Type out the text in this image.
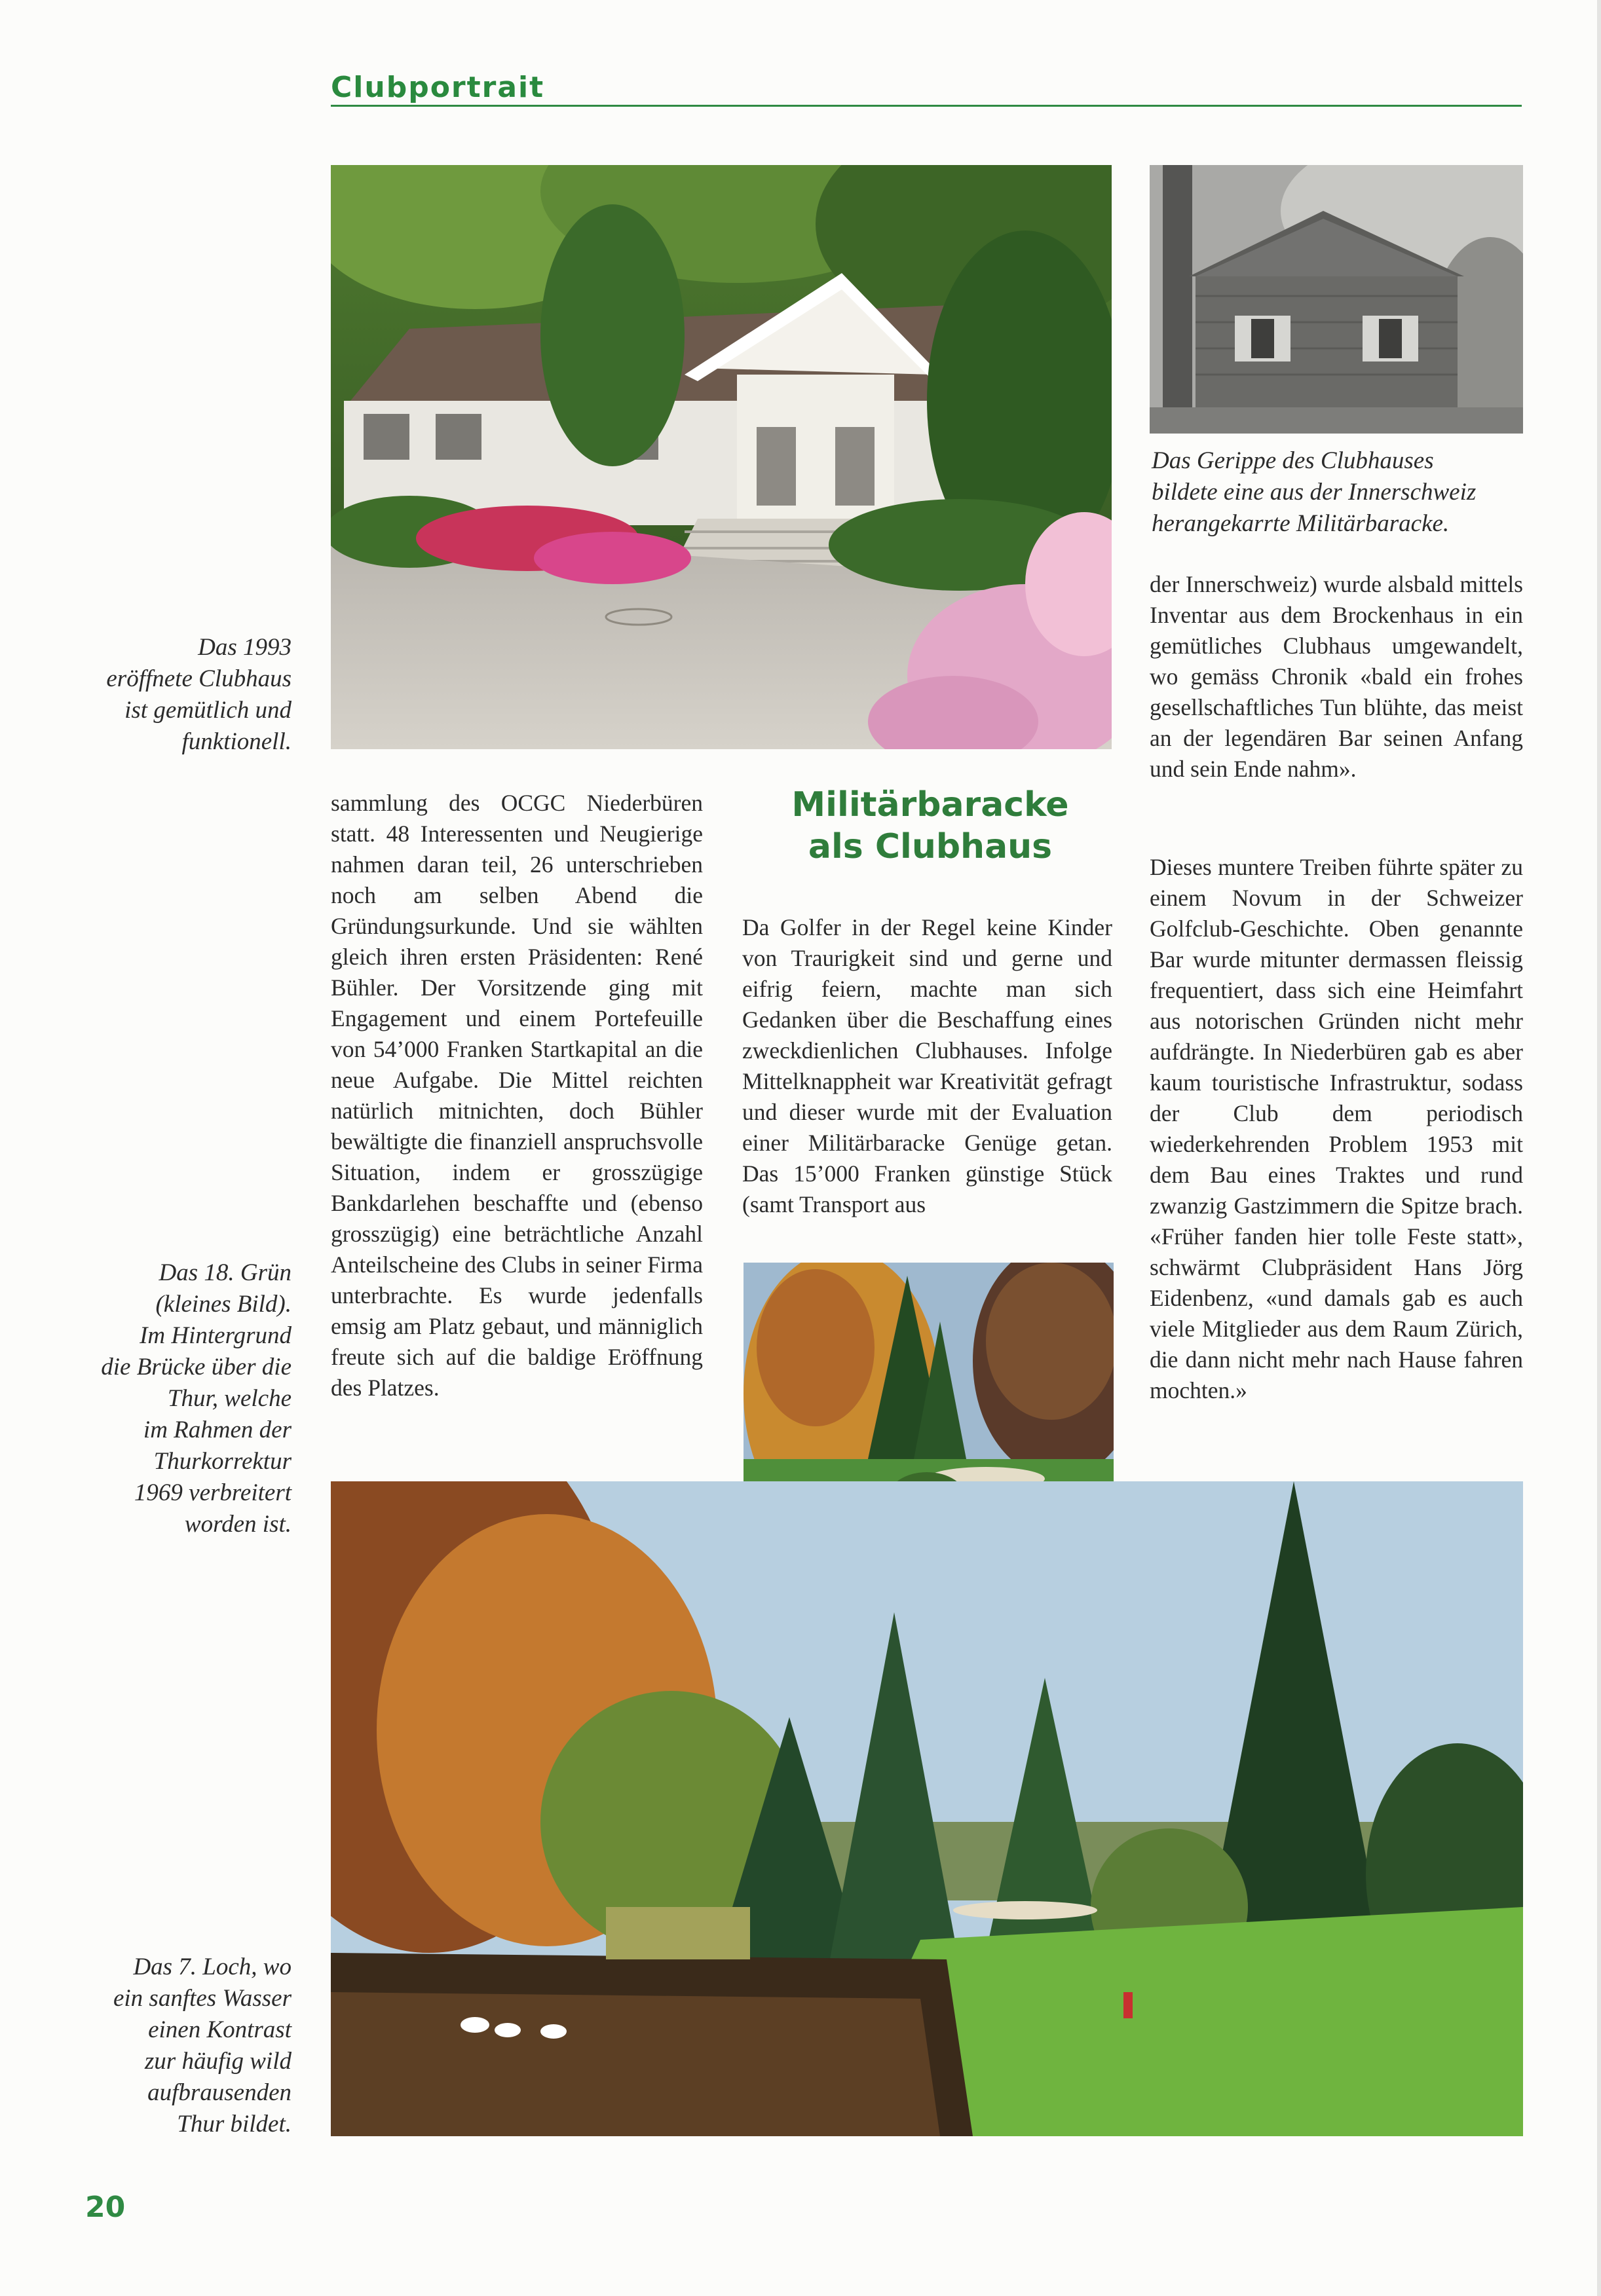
Clubportrait
Das 1993
eröffnete Clubhaus
ist gemütlich und
funktionell.
Das Gerippe des Clubhauses
bildete eine aus der Innerschweiz
herangekarrte Militärbaracke.
Das 18. Grün
(kleines Bild).
Im Hintergrund
die Brücke über die
Thur, welche
im Rahmen der
Thurkorrektur
1969 verbreitert
worden ist.
Das 7. Loch, wo
ein sanftes Wasser
einen Kontrast
zur häufig wild
aufbrausenden
Thur bildet.
sammlung des OCGC Niederbüren statt. 48 Interessenten und Neugierige nahmen daran teil, 26 unterschrieben noch am selben Abend die Gründungsurkunde. Und sie wählten gleich ihren ersten Präsidenten: René Bühler. Der Vorsitzende ging mit Engagement und einem Portefeuille von 54’000 Franken Startkapital an die neue Aufgabe. Die Mittel reichten natürlich mitnichten, doch Bühler bewältigte die finanziell anspruchsvolle Situation, indem er grosszügige Bankdarlehen beschaffte und (ebenso grosszügig) eine beträchtliche Anzahl Anteilscheine des Clubs in seiner Firma unterbrachte. Es wurde jedenfalls emsig am Platz gebaut, und männiglich freute sich auf die baldige Eröffnung des Platzes.
Militärbaracke als Clubhaus
Da Golfer in der Regel keine Kinder von Traurigkeit sind und gerne und eifrig feiern, machte man sich Gedanken über die Beschaffung eines zweckdienlichen Clubhauses. Infolge Mittelknappheit war Kreativität gefragt und dieser wurde mit der Evaluation einer Militärbaracke Genüge getan. Das 15’000 Franken günstige Stück (samt Transport aus
der Innerschweiz) wurde alsbald mittels Inventar aus dem Brockenhaus in ein gemütliches Clubhaus umgewandelt, wo gemäss Chronik «bald ein frohes gesellschaftliches Tun blühte, das meist an der legendären Bar seinen Anfang und sein Ende nahm».
Dieses muntere Treiben führte später zu einem Novum in der Schweizer Golfclub-Geschichte. Oben genannte Bar wurde mitunter dermassen fleissig frequentiert, dass sich eine Heimfahrt aus notorischen Gründen nicht mehr aufdrängte. In Niederbüren gab es aber kaum touristische Infrastruktur, sodass der Club dem periodisch wiederkehrenden Problem 1953 mit dem Bau eines Traktes und rund zwanzig Gastzimmern die Spitze brach. «Früher fanden hier tolle Feste statt», schwärmt Clubpräsident Hans Jörg Eidenbenz, «und damals gab es auch viele Mitglieder aus dem Raum Zürich, die dann nicht mehr nach Hause fahren mochten.»
20
